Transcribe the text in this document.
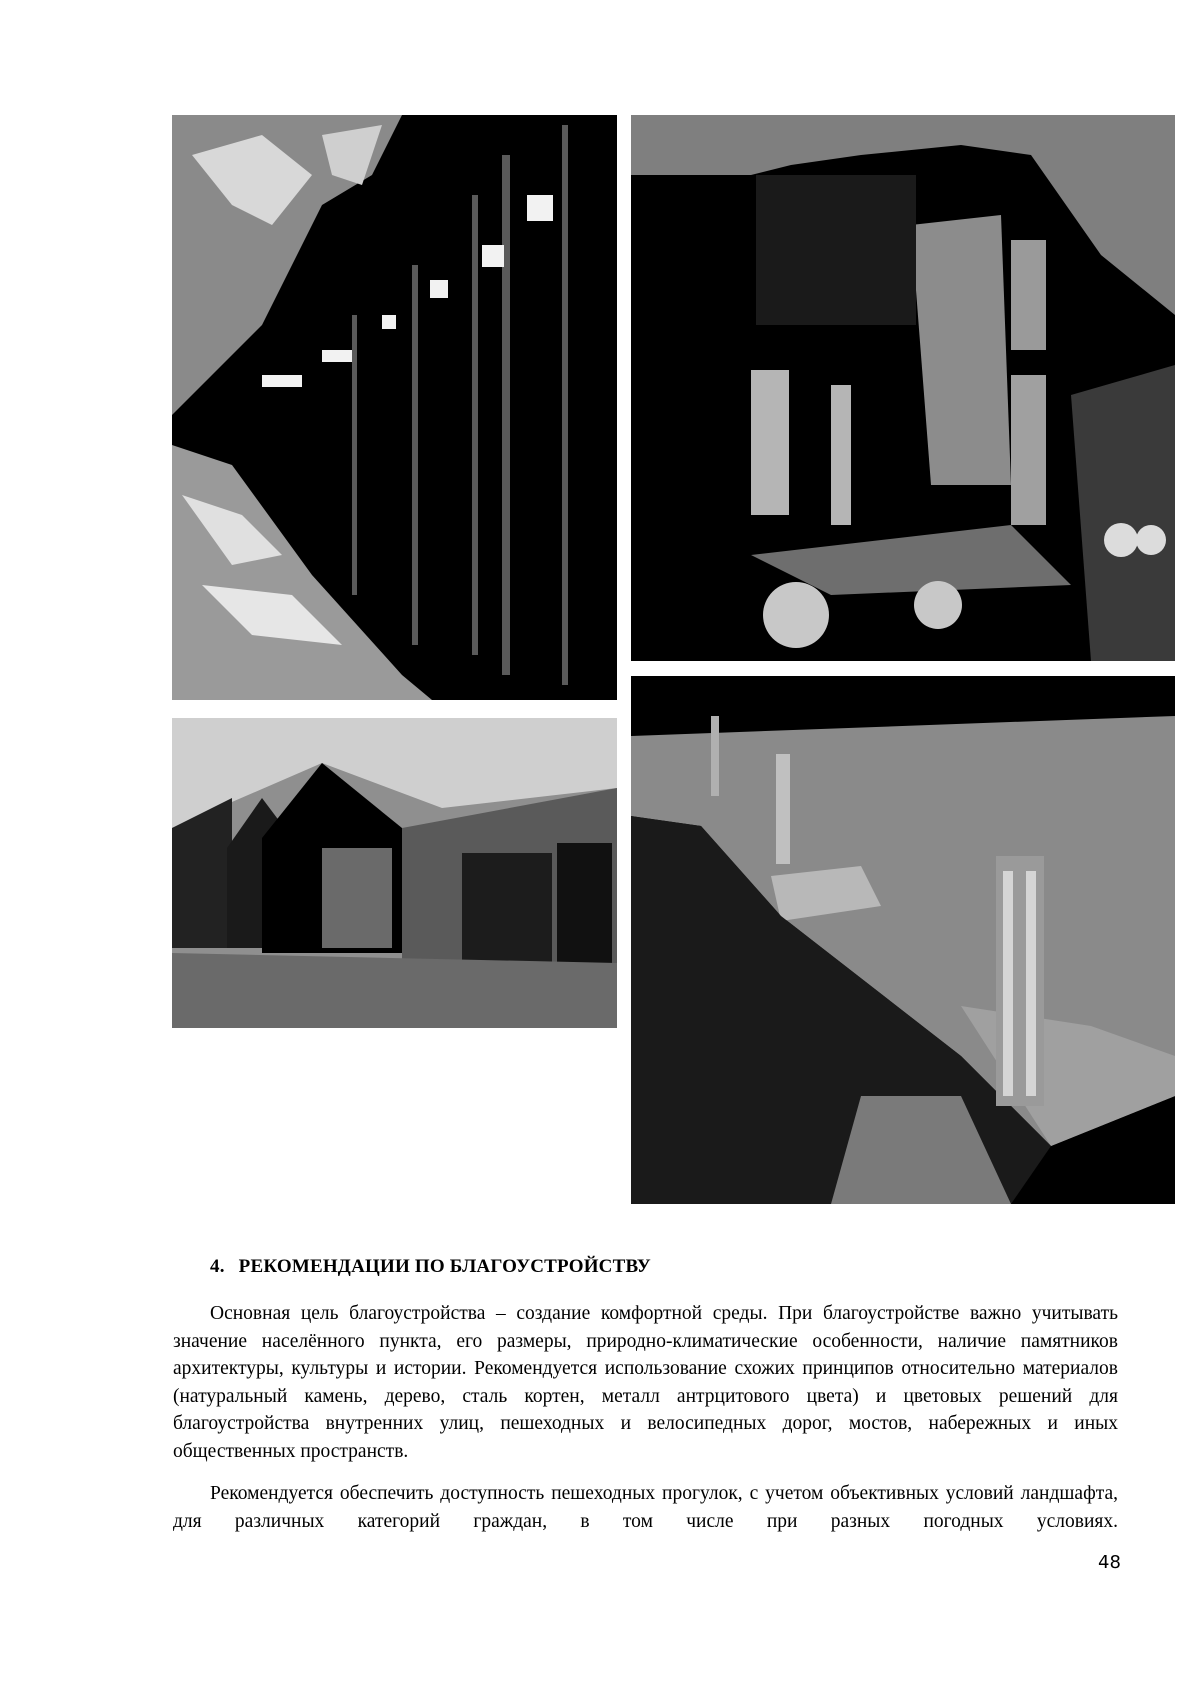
4. РЕКОМЕНДАЦИИ ПО БЛАГОУСТРОЙСТВУ

Основная цель благоустройства – создание комфортной среды. При благоустройстве важно учитывать значение населённого пункта, его размеры, природно-климатические особенности, наличие памятников архитектуры, культуры и истории. Рекомендуется использование схожих принципов относительно материалов (натуральный камень, дерево, сталь кортен, металл антрцитового цвета) и цветовых решений для благоустройства внутренних улиц, пешеходных и велосипедных дорог, мостов, набережных и иных общественных пространств.

Рекомендуется обеспечить доступность пешеходных прогулок, с учетом объективных условий ландшафта, для различных категорий граждан, в том числе при разных погодных условиях.

48
